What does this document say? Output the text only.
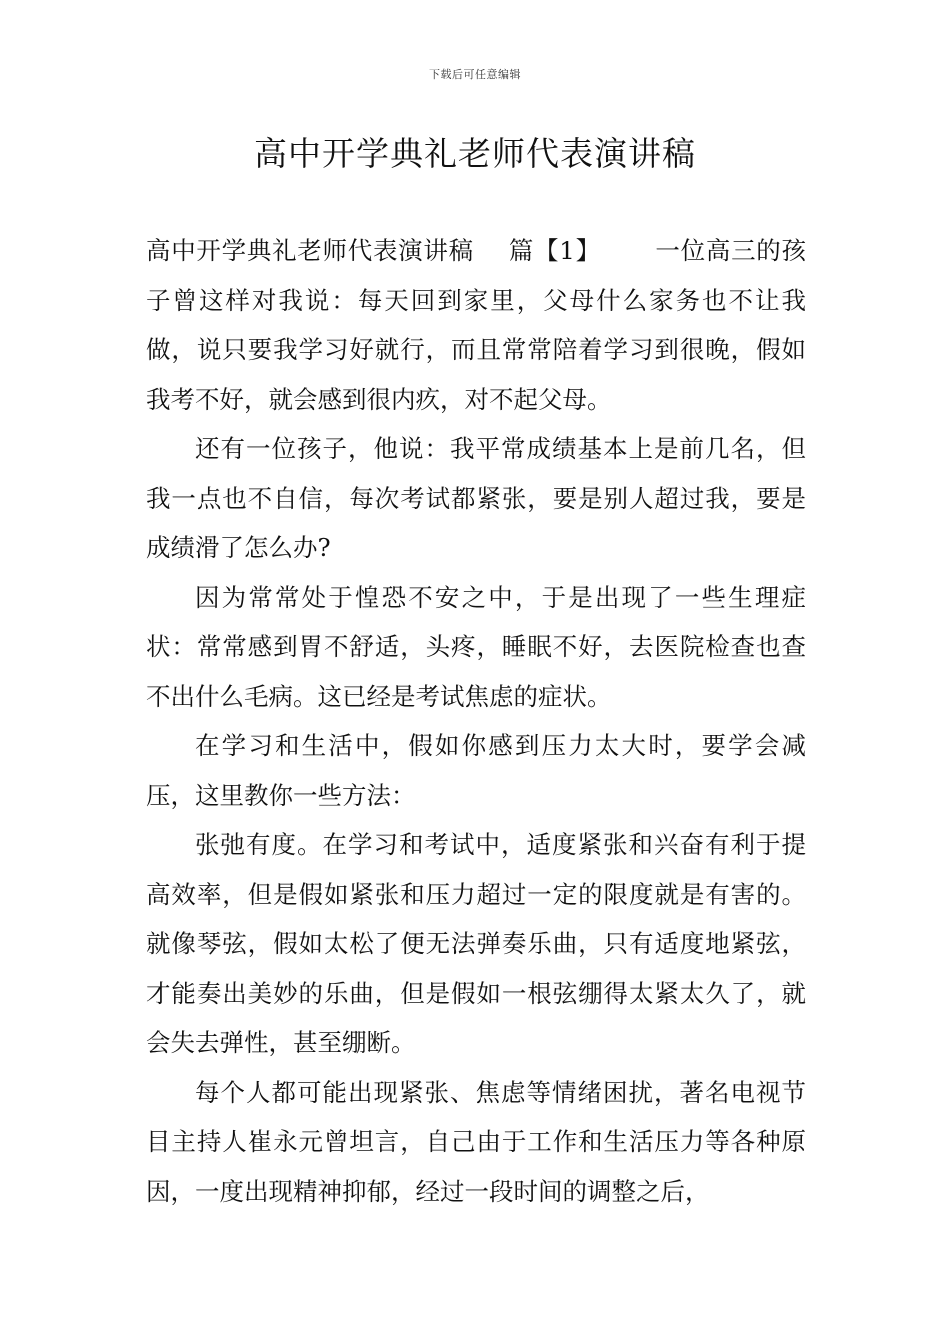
下载后可任意编辑
高中开学典礼老师代表演讲稿

高中开学典礼老师代表演讲稿 篇【1】 一位高三的孩子曾这样对我说：每天回到家里，父母什么家务也不让我做，说只要我学习好就行，而且常常陪着学习到很晚，假如我考不好，就会感到很内疚，对不起父母。

还有一位孩子，他说：我平常成绩基本上是前几名，但我一点也不自信，每次考试都紧张，要是别人超过我，要是成绩滑了怎么办?

因为常常处于惶恐不安之中，于是出现了一些生理症状：常常感到胃不舒适，头疼，睡眠不好，去医院检查也查不出什么毛病。这已经是考试焦虑的症状。

在学习和生活中，假如你感到压力太大时，要学会减压，这里教你一些方法：

张弛有度。在学习和考试中，适度紧张和兴奋有利于提高效率，但是假如紧张和压力超过一定的限度就是有害的。就像琴弦，假如太松了便无法弹奏乐曲，只有适度地紧弦，才能奏出美妙的乐曲，但是假如一根弦绷得太紧太久了，就会失去弹性，甚至绷断。

每个人都可能出现紧张、焦虑等情绪困扰，著名电视节目主持人崔永元曾坦言，自己由于工作和生活压力等各种原因，一度出现精神抑郁，经过一段时间的调整之后，
